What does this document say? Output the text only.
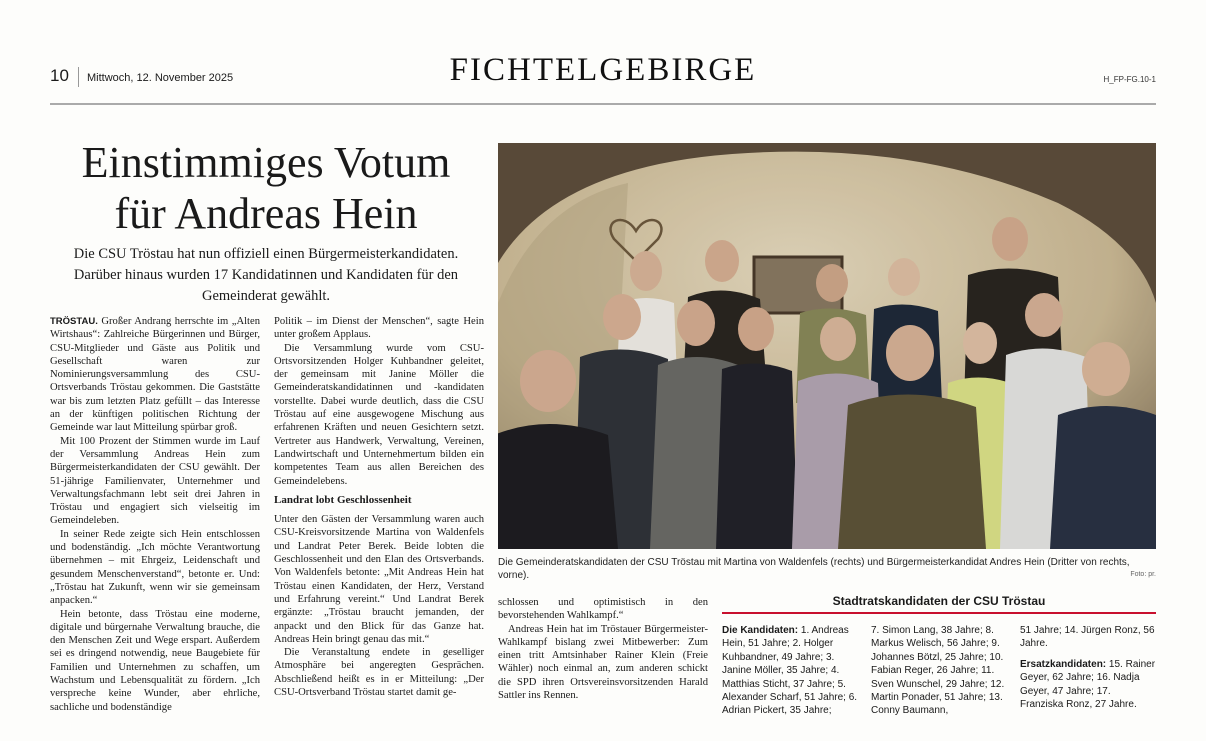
10 Mittwoch, 12. November 2025	FICHTELGEBIRGE	H_FP-FG.10-1
Einstimmiges Votum
für Andreas Hein
Die CSU Tröstau hat nun offiziell einen Bürgermeisterkandidaten. Darüber hinaus wurden 17 Kandidatinnen und Kandidaten für den Gemeinderat gewählt.

TRÖSTAU. Großer Andrang herrschte im „Alten Wirtshaus“: Zahlreiche Bürgerinnen und Bürger, CSU-Mitglieder und Gäste aus Politik und Gesellschaft waren zur Nominierungsversammlung des CSU-Ortsverbands Tröstau gekommen. Die Gaststätte war bis zum letzten Platz gefüllt – das Interesse an der künftigen politischen Richtung der Gemeinde war laut Mitteilung spürbar groß.

Mit 100 Prozent der Stimmen wurde im Lauf der Versammlung Andreas Hein zum Bürgermeisterkandidaten der CSU gewählt. Der 51-jährige Familienvater, Unternehmer und Verwaltungsfachmann lebt seit drei Jahren in Tröstau und engagiert sich vielseitig im Gemeindeleben.

In seiner Rede zeigte sich Hein entschlossen und bodenständig. „Ich möchte Verantwortung übernehmen – mit Ehrgeiz, Leidenschaft und gesundem Menschenverstand“, betonte er. Und: „Tröstau hat Zukunft, wenn wir sie gemeinsam anpacken.“

Hein betonte, dass Tröstau eine moderne, digitale und bürgernahe Verwaltung brauche, die den Menschen Zeit und Wege erspart. Außerdem sei es dringend notwendig, neue Baugebiete für Familien und Unternehmen zu schaffen, um Wachstum und Lebensqualität zu fördern. „Ich verspreche keine Wunder, aber ehrliche, sachliche und bodenständige

Politik – im Dienst der Menschen“, sagte Hein unter großem Applaus.

Die Versammlung wurde vom CSU-Ortsvorsitzenden Holger Kuhbandner geleitet, der gemeinsam mit Janine Möller die Gemeinderatskandidatinnen und -kandidaten vorstellte. Dabei wurde deutlich, dass die CSU Tröstau auf eine ausgewogene Mischung aus erfahrenen Kräften und neuen Gesichtern setzt. Vertreter aus Handwerk, Verwaltung, Vereinen, Landwirtschaft und Unternehmertum bilden ein kompetentes Team aus allen Bereichen des Gemeindelebens.

Landrat lobt Geschlossenheit

Unter den Gästen der Versammlung waren auch CSU-Kreisvorsitzende Martina von Waldenfels und Landrat Peter Berek. Beide lobten die Geschlossenheit und den Elan des Ortsverbands. Von Waldenfels betonte: „Mit Andreas Hein hat Tröstau einen Kandidaten, der Herz, Verstand und Erfahrung vereint.“ Und Landrat Berek ergänzte: „Tröstau braucht jemanden, der anpackt und den Blick für das Ganze hat. Andreas Hein bringt genau das mit.“

Die Veranstaltung endete in geselliger Atmosphäre bei angeregten Gesprächen. Abschließend heißt es in er Mitteilung: „Der CSU-Ortsverband Tröstau startet damit ge-

Die Gemeinderatskandidaten der CSU Tröstau mit Martina von Waldenfels (rechts) und Bürgermeisterkandidat Andres Hein (Dritter von rechts, vorne).	Foto: pr.

schlossen und optimistisch in den bevorstehenden Wahlkampf.“

Andreas Hein hat im Tröstauer Bürgermeister-Wahlkampf bislang zwei Mitbewerber: Zum einen tritt Amtsinhaber Rainer Klein (Freie Wähler) noch einmal an, zum anderen schickt die SPD ihren Ortsvereinsvorsitzenden Harald Sattler ins Rennen.

Stadtratskandidaten der CSU Tröstau
Die Kandidaten: 1. Andreas Hein, 51 Jahre; 2. Holger Kuhbandner, 49 Jahre; 3. Janine Möller, 35 Jahre; 4. Matthias Sticht, 37 Jahre; 5. Alexander Scharf, 51 Jahre; 6. Adrian Pickert, 35 Jahre;
7. Simon Lang, 38 Jahre; 8. Markus Welisch, 56 Jahre; 9. Johannes Bötzl, 25 Jahre; 10. Fabian Reger, 26 Jahre; 11. Sven Wunschel, 29 Jahre; 12. Martin Ponader, 51 Jahre; 13. Conny Baumann,
51 Jahre; 14. Jürgen Ronz, 56 Jahre.
Ersatzkandidaten: 15. Rainer Geyer, 62 Jahre; 16. Nadja Geyer, 47 Jahre; 17. Franziska Ronz, 27 Jahre.
